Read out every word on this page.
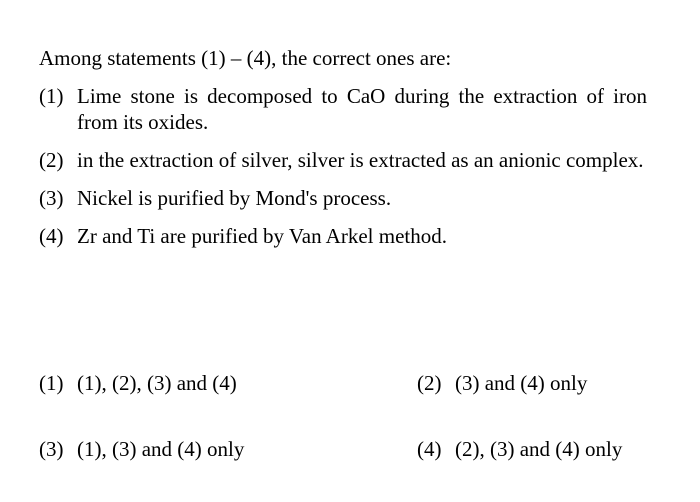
Among statements (1) – (4), the correct ones are:

(1) Lime stone is decomposed to CaO during the extraction of iron from its oxides.
(2) in the extraction of silver, silver is extracted as an anionic complex.
(3) Nickel is purified by Mond's process.
(4) Zr and Ti are purified by Van Arkel method.
(1) (1), (2), (3) and (4)	(2) (3) and (4) only
(3) (1), (3) and (4) only	(4) (2), (3) and (4) only
